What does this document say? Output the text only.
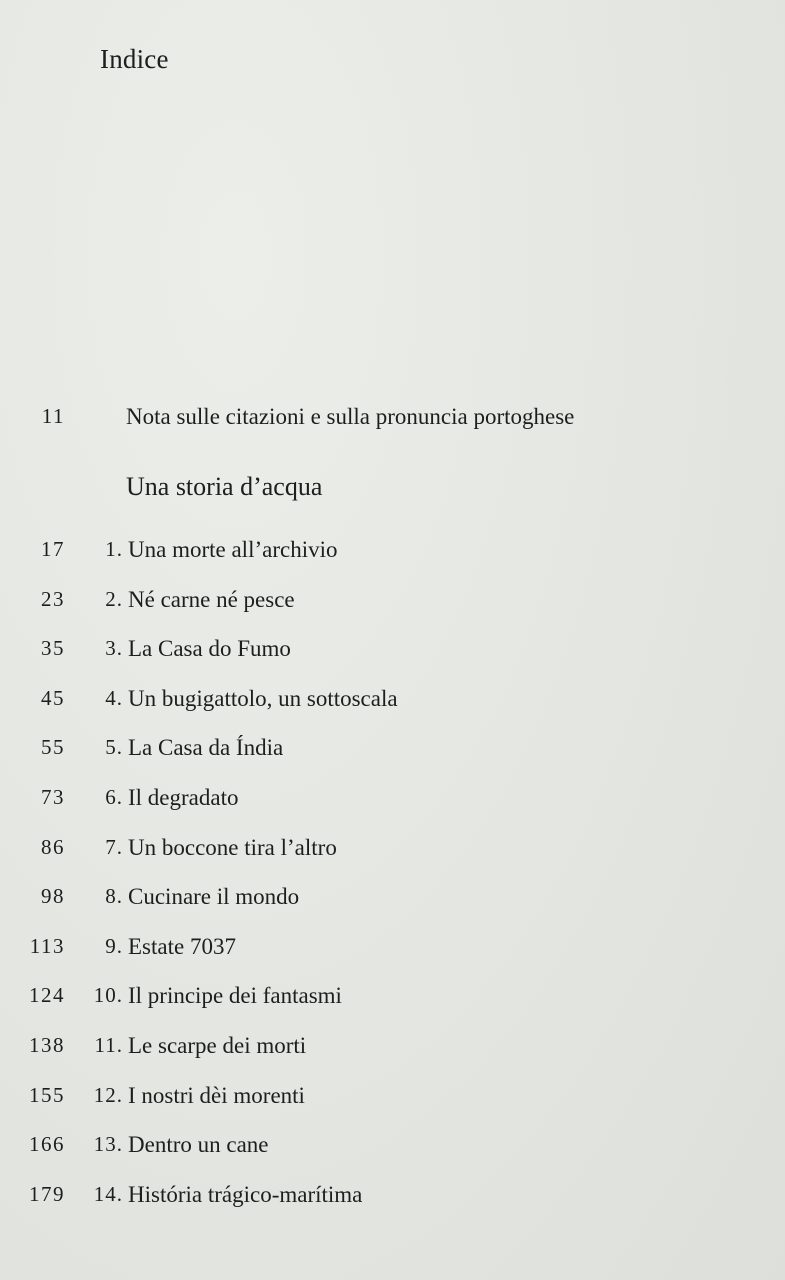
Indice
11	Nota sulle citazioni e sulla pronuncia portoghese
Una storia d’acqua
17 1. Una morte all’archivio
23 2. Né carne né pesce
35 3. La Casa do Fumo
45 4. Un bugigattolo, un sottoscala
55 5. La Casa da Índia
73 6. Il degradato
86 7. Un boccone tira l’altro
98 8. Cucinare il mondo
113 9. Estate 7037
124 10. Il principe dei fantasmi
138 11. Le scarpe dei morti
155 12. I nostri dèi morenti
166 13. Dentro un cane
179 14. História trágico-marítima
